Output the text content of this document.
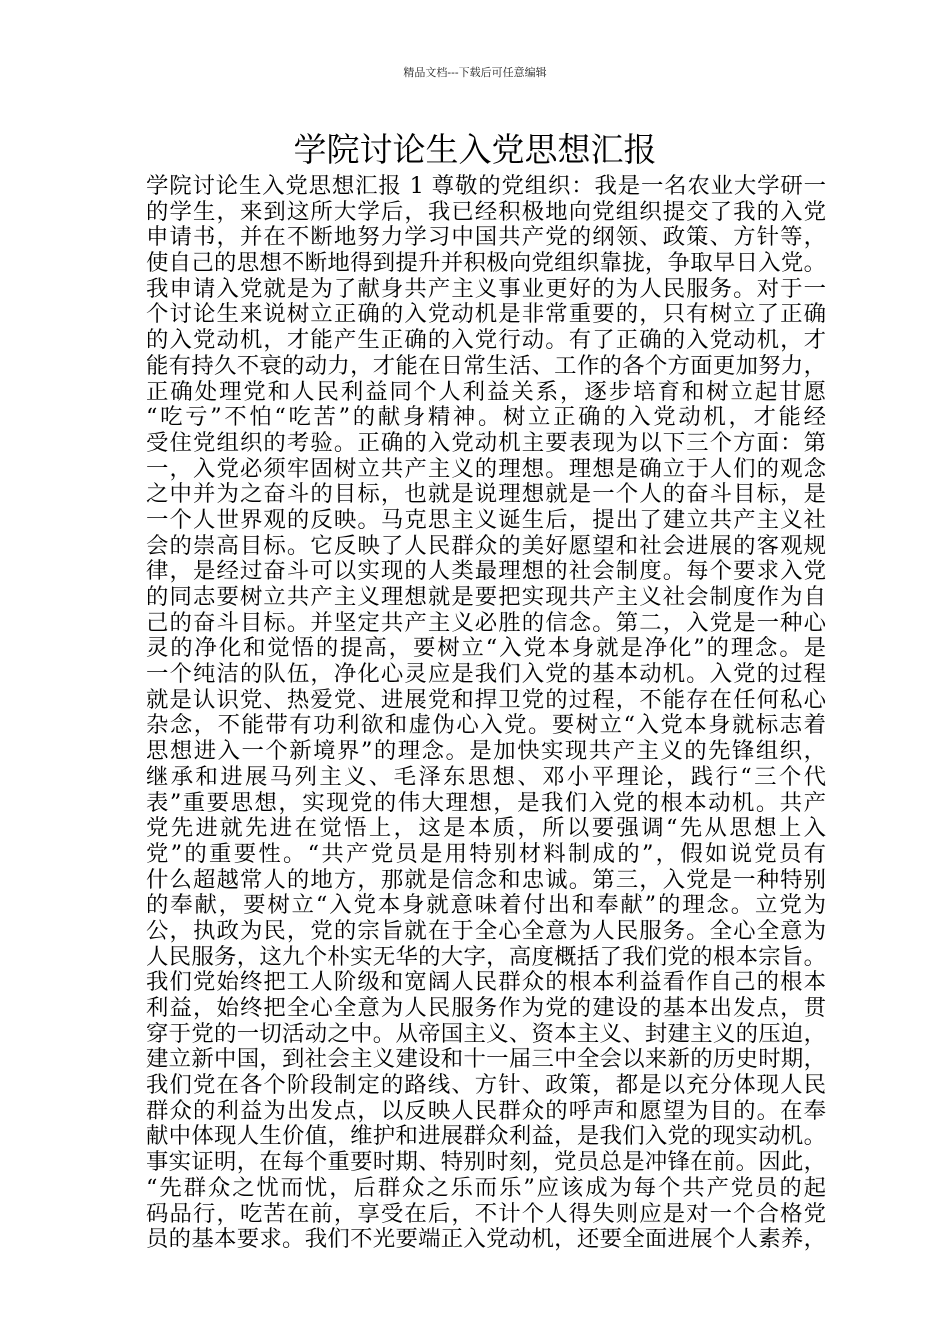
精品文档---下载后可任意编辑
学院讨论生入党思想汇报
学院讨论生入党思想汇报 1 尊敬的党组织：我是一名农业大学研一
的学生，来到这所大学后，我已经积极地向党组织提交了我的入党
申请书，并在不断地努力学习中国共产党的纲领、政策、方针等，
使自己的思想不断地得到提升并积极向党组织靠拢，争取早日入党。
我申请入党就是为了献身共产主义事业更好的为人民服务。对于一
个讨论生来说树立正确的入党动机是非常重要的，只有树立了正确
的入党动机，才能产生正确的入党行动。有了正确的入党动机，才
能有持久不衰的动力，才能在日常生活、工作的各个方面更加努力，
正确处理党和人民利益同个人利益关系，逐步培育和树立起甘愿
“吃亏”不怕“吃苦”的献身精神。树立正确的入党动机，才能经
受住党组织的考验。正确的入党动机主要表现为以下三个方面：第
一，入党必须牢固树立共产主义的理想。理想是确立于人们的观念
之中并为之奋斗的目标，也就是说理想就是一个人的奋斗目标，是
一个人世界观的反映。马克思主义诞生后，提出了建立共产主义社
会的崇高目标。它反映了人民群众的美好愿望和社会进展的客观规
律，是经过奋斗可以实现的人类最理想的社会制度。每个要求入党
的同志要树立共产主义理想就是要把实现共产主义社会制度作为自
己的奋斗目标。并坚定共产主义必胜的信念。第二，入党是一种心
灵的净化和觉悟的提高，要树立“入党本身就是净化”的理念。是
一个纯洁的队伍，净化心灵应是我们入党的基本动机。入党的过程
就是认识党、热爱党、进展党和捍卫党的过程，不能存在任何私心
杂念，不能带有功利欲和虚伪心入党。要树立“入党本身就标志着
思想进入一个新境界”的理念。是加快实现共产主义的先锋组织，
继承和进展马列主义、毛泽东思想、邓小平理论，践行“三个代
表”重要思想，实现党的伟大理想，是我们入党的根本动机。共产
党先进就先进在觉悟上，这是本质，所以要强调“先从思想上入
党”的重要性。“共产党员是用特别材料制成的”，假如说党员有
什么超越常人的地方，那就是信念和忠诚。第三，入党是一种特别
的奉献，要树立“入党本身就意味着付出和奉献”的理念。立党为
公，执政为民，党的宗旨就在于全心全意为人民服务。全心全意为
人民服务，这九个朴实无华的大字，高度概括了我们党的根本宗旨。
我们党始终把工人阶级和宽阔人民群众的根本利益看作自己的根本
利益，始终把全心全意为人民服务作为党的建设的基本出发点，贯
穿于党的一切活动之中。从帝国主义、资本主义、封建主义的压迫，
建立新中国，到社会主义建设和十一届三中全会以来新的历史时期，
我们党在各个阶段制定的路线、方针、政策，都是以充分体现人民
群众的利益为出发点，以反映人民群众的呼声和愿望为目的。在奉
献中体现人生价值，维护和进展群众利益，是我们入党的现实动机。
事实证明，在每个重要时期、特别时刻，党员总是冲锋在前。因此，
“先群众之忧而忧，后群众之乐而乐”应该成为每个共产党员的起
码品行，吃苦在前，享受在后，不计个人得失则应是对一个合格党
员的基本要求。我们不光要端正入党动机，还要全面进展个人素养，
